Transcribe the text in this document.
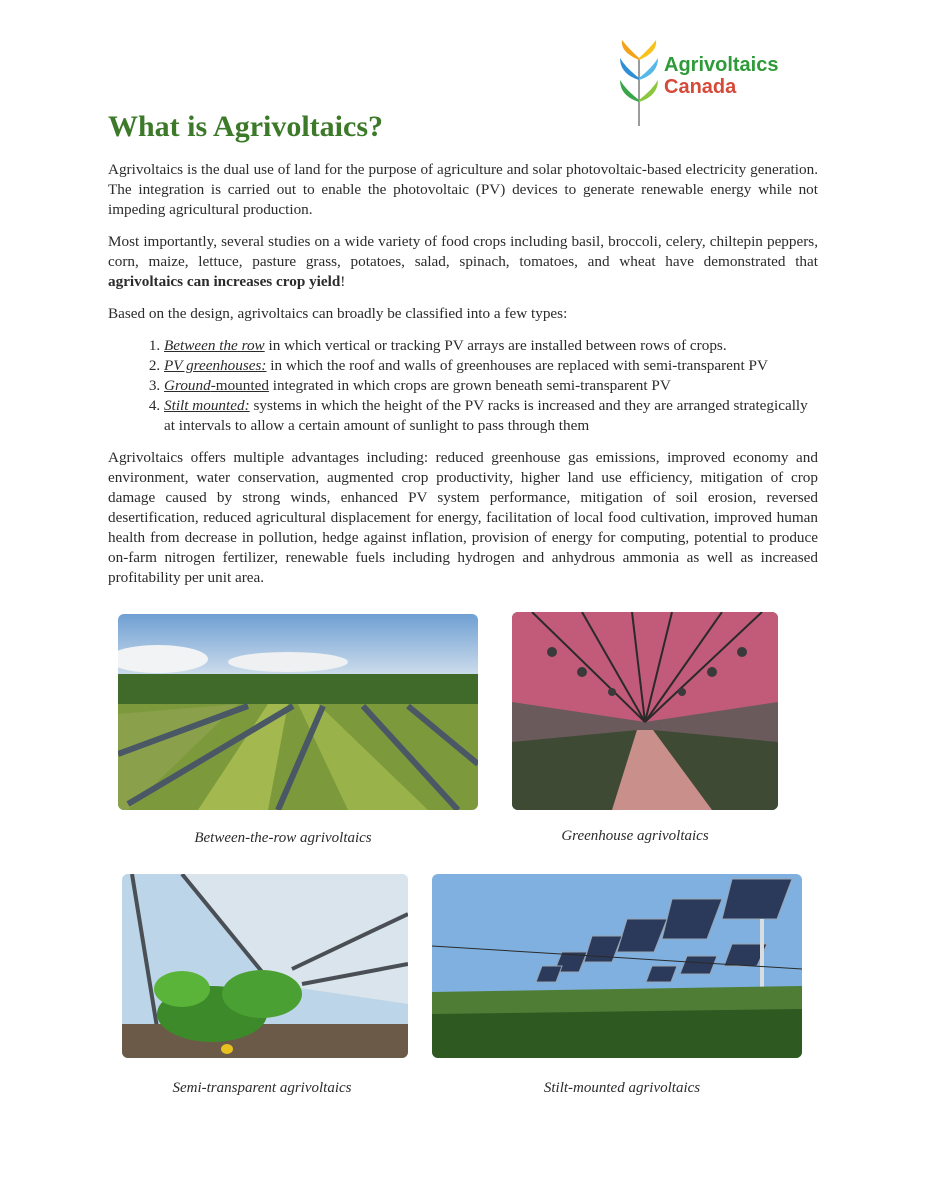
Agrivoltaics
Canada
What is Agrivoltaics?

Agrivoltaics is the dual use of land for the purpose of agriculture and solar photovoltaic-based electricity generation. The integration is carried out to enable the photovoltaic (PV) devices to generate renewable energy while not impeding agricultural production.

Most importantly, several studies on a wide variety of food crops including basil, broccoli, celery, chiltepin peppers, corn, maize, lettuce, pasture grass, potatoes, salad, spinach, tomatoes, and wheat have demonstrated that agrivoltaics can increases crop yield!

Based on the design, agrivoltaics can broadly be classified into a few types:

1. Between the row in which vertical or tracking PV arrays are installed between rows of crops.
2. PV greenhouses: in which the roof and walls of greenhouses are replaced with semi-transparent PV
3. Ground-mounted integrated in which crops are grown beneath semi-transparent PV
4. Stilt mounted: systems in which the height of the PV racks is increased and they are arranged strategically at intervals to allow a certain amount of sunlight to pass through them

Agrivoltaics offers multiple advantages including: reduced greenhouse gas emissions, improved economy and environment, water conservation, augmented crop productivity, higher land use efficiency, mitigation of crop damage caused by strong winds, enhanced PV system performance, mitigation of soil erosion, reversed desertification, reduced agricultural displacement for energy, facilitation of local food cultivation, improved human health from decrease in pollution, hedge against inflation, provision of energy for computing, potential to produce on-farm nitrogen fertilizer, renewable fuels including hydrogen and anhydrous ammonia as well as increased profitability per unit area.

Between-the-row agrivoltaics	Greenhouse agrivoltaics
Semi-transparent agrivoltaics	Stilt-mounted agrivoltaics
